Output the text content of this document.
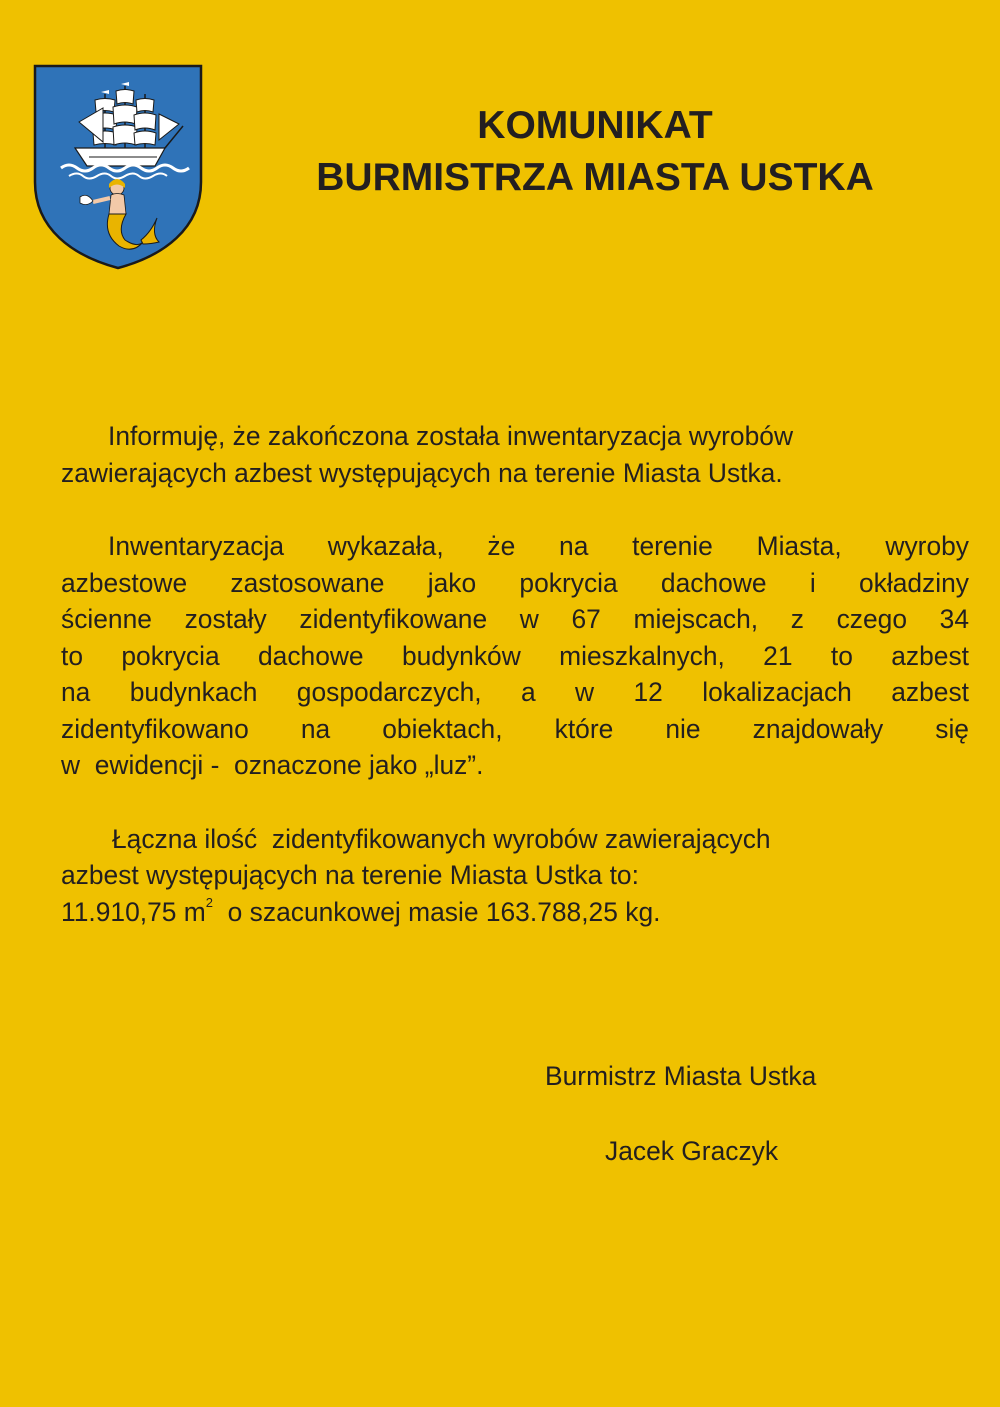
KOMUNIKAT
BURMISTRZA MIASTA USTKA

Informuję, że zakończona została inwentaryzacja wyrobów
zawierających azbest występujących na terenie Miasta Ustka.

Inwentaryzacja wykazała, że na terenie Miasta, wyroby
azbestowe zastosowane jako pokrycia dachowe i okładziny
ścienne zostały zidentyfikowane w 67 miejscach, z czego 34
to pokrycia dachowe budynków mieszkalnych, 21 to azbest
na budynkach gospodarczych, a w 12 lokalizacjach azbest
zidentyfikowano na obiektach, które nie znajdowały się
w  ewidencji -  oznaczone jako „luz”.

Łączna ilość  zidentyfikowanych wyrobów zawierających
azbest występujących na terenie Miasta Ustka to:
11.910,75 $m^2$ o szacunkowej masie 163.788,25 kg.

Burmistrz Miasta Ustka
Jacek Graczyk
